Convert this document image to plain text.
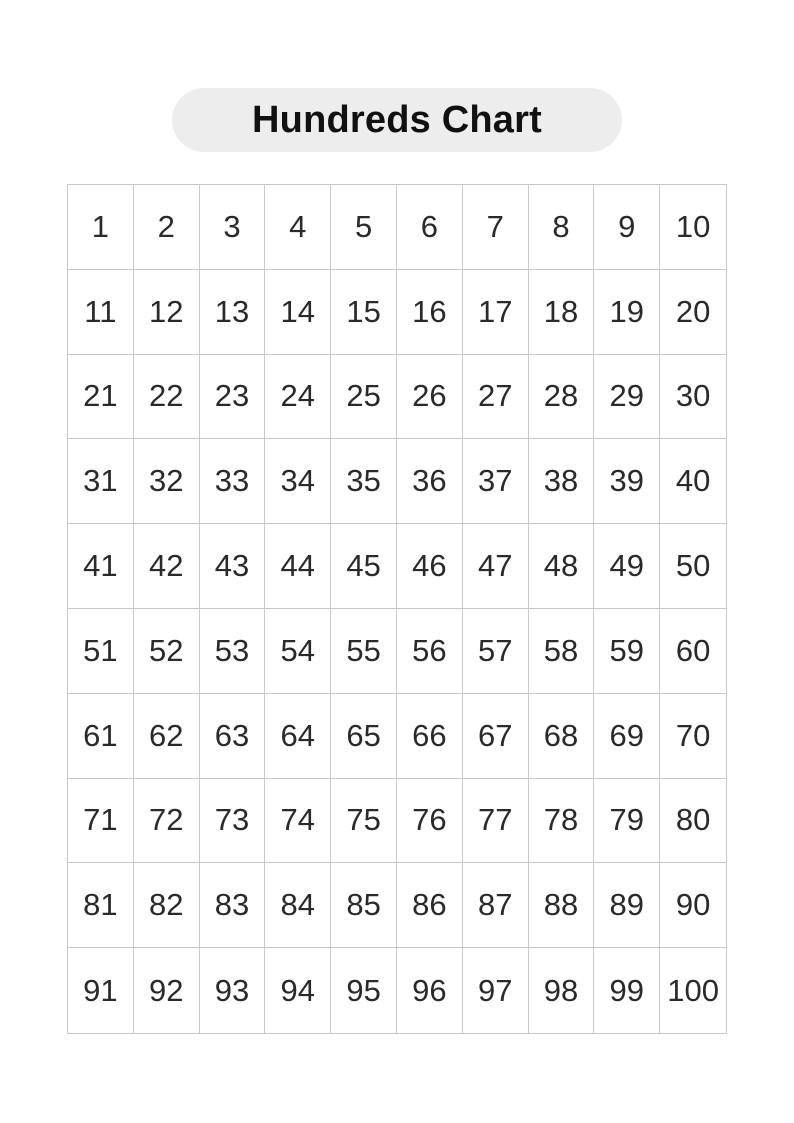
Hundreds Chart
1	2	3	4	5	6	7	8	9	10
11	12	13	14	15	16	17	18	19	20
21	22	23	24	25	26	27	28	29	30
31	32	33	34	35	36	37	38	39	40
41	42	43	44	45	46	47	48	49	50
51	52	53	54	55	56	57	58	59	60
61	62	63	64	65	66	67	68	69	70
71	72	73	74	75	76	77	78	79	80
81	82	83	84	85	86	87	88	89	90
91	92	93	94	95	96	97	98	99 100
